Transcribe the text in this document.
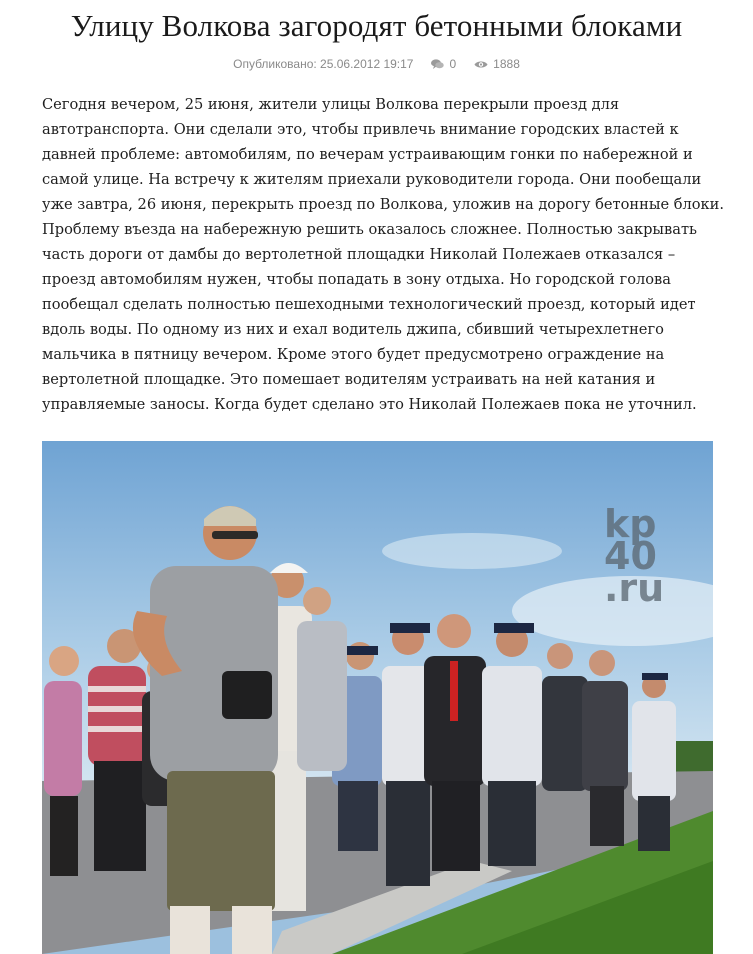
Улицу Волкова загородят бетонными блоками
Опубликовано: 25.06.2012 19:17	0	1888
Сегодня вечером, 25 июня, жители улицы Волкова перекрыли проезд для
автотранспорта. Они сделали это, чтобы привлечь внимание городских властей к
давней проблеме: автомобилям, по вечерам устраивающим гонки по набережной и
самой улице. На встречу к жителям приехали руководители города. Они пообещали
уже завтра, 26 июня, перекрыть проезд по Волкова, уложив на дорогу бетонные блоки.
Проблему въезда на набережную решить оказалось сложнее. Полностью закрывать
часть дороги от дамбы до вертолетной площадки Николай Полежаев отказался –
проезд автомобилям нужен, чтобы попадать в зону отдыха. Но городской голова
пообещал сделать полностью пешеходными технологический проезд, который идет
вдоль воды. По одному из них и ехал водитель джипа, сбивший четырехлетнего
мальчика в пятницу вечером. Кроме этого будет предусмотрено ограждение на
вертолетной площадке. Это помешает водителям устраивать на ней катания и
управляемые заносы. Когда будет сделано это Николай Полежаев пока не уточнил.
kp
40
.ru
